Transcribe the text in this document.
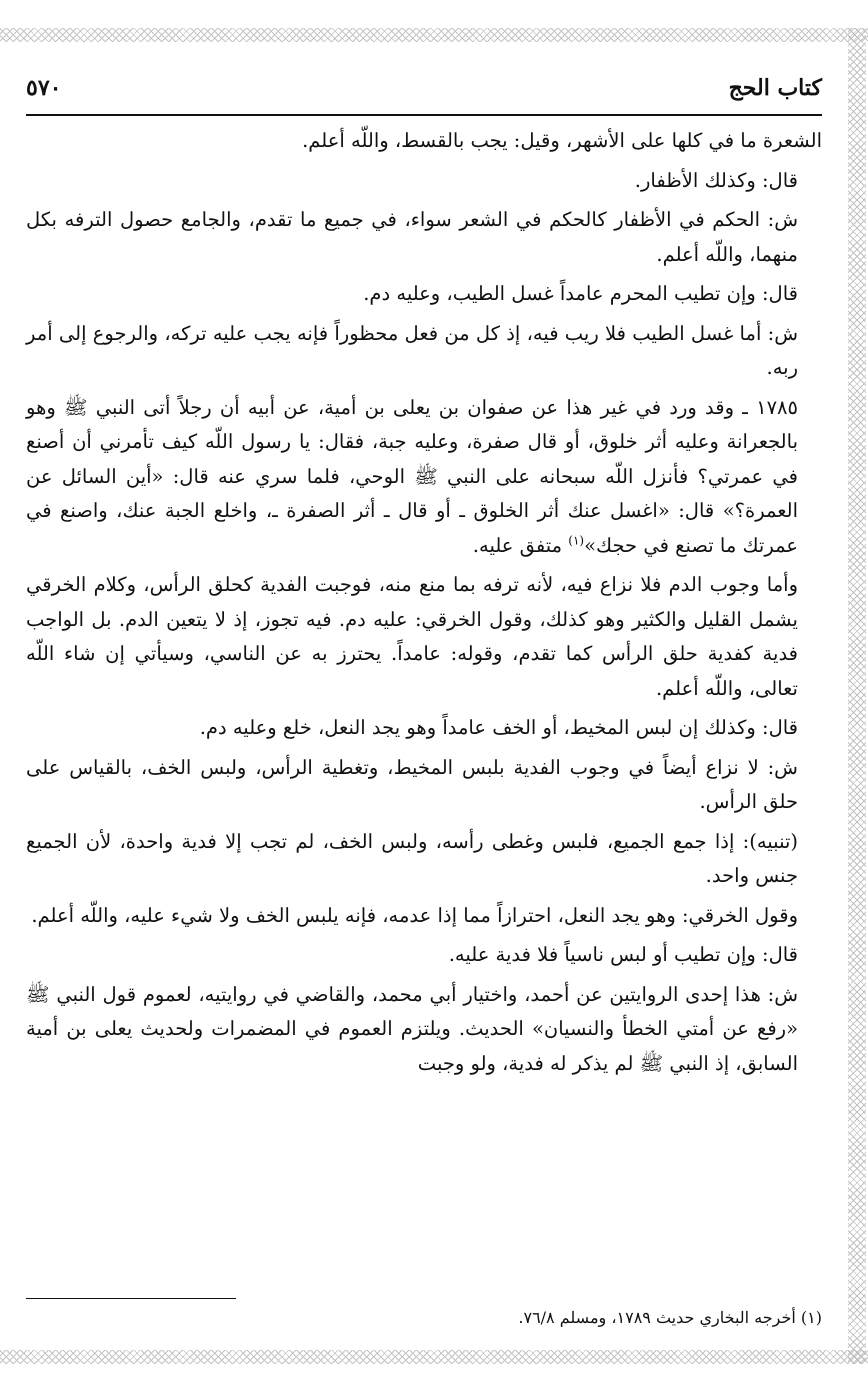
كتاب الحج
٥٧٠

الشعرة ما في كلها على الأشهر، وقيل: يجب بالقسط، واللّه أعلم.

قال: وكذلك الأظفار.

ش: الحكم في الأظفار كالحكم في الشعر سواء، في جميع ما تقدم، والجامع حصول الترفه بكل منهما، واللّه أعلم.

قال: وإن تطيب المحرم عامداً غسل الطيب، وعليه دم.

ش: أما غسل الطيب فلا ريب فيه، إذ كل من فعل محظوراً فإنه يجب عليه تركه، والرجوع إلى أمر ربه.

١٧٨٥ ـ وقد ورد في غير هذا عن صفوان بن يعلى بن أمية، عن أبيه أن رجلاً أتى النبي ﷺ وهو بالجعرانة وعليه أثر خلوق، أو قال صفرة، وعليه جبة، فقال: يا رسول اللّه كيف تأمرني أن أصنع في عمرتي؟ فأنزل اللّه سبحانه على النبي ﷺ الوحي، فلما سري عنه قال: «أين السائل عن العمرة؟» قال: «اغسل عنك أثر الخلوق ـ أو قال ـ أثر الصفرة ـ، واخلع الجبة عنك، واصنع في عمرتك ما تصنع في حجك»$^{(١)}$ متفق عليه.

وأما وجوب الدم فلا نزاع فيه، لأنه ترفه بما منع منه، فوجبت الفدية كحلق الرأس، وكلام الخرقي يشمل القليل والكثير وهو كذلك، وقول الخرقي: عليه دم. فيه تجوز، إذ لا يتعين الدم. بل الواجب فدية كفدية حلق الرأس كما تقدم، وقوله: عامداً. يحترز به عن الناسي، وسيأتي إن شاء اللّه تعالى، واللّه أعلم.

قال: وكذلك إن لبس المخيط، أو الخف عامداً وهو يجد النعل، خلع وعليه دم.

ش: لا نزاع أيضاً في وجوب الفدية بلبس المخيط، وتغطية الرأس، ولبس الخف، بالقياس على حلق الرأس.

(تنبيه): إذا جمع الجميع، فلبس وغطى رأسه، ولبس الخف، لم تجب إلا فدية واحدة، لأن الجميع جنس واحد.

وقول الخرقي: وهو يجد النعل، احترازاً مما إذا عدمه، فإنه يلبس الخف ولا شيء عليه، واللّه أعلم.

قال: وإن تطيب أو لبس ناسياً فلا فدية عليه.

ش: هذا إحدى الروايتين عن أحمد، واختيار أبي محمد، والقاضي في روايتيه، لعموم قول النبي ﷺ «رفع عن أمتي الخطأ والنسيان» الحديث. ويلتزم العموم في المضمرات ولحديث يعلى بن أمية السابق، إذ النبي ﷺ لم يذكر له فدية، ولو وجبت

(١) أخرجه البخاري حديث ١٧٨٩، ومسلم ٧٦/٨.
